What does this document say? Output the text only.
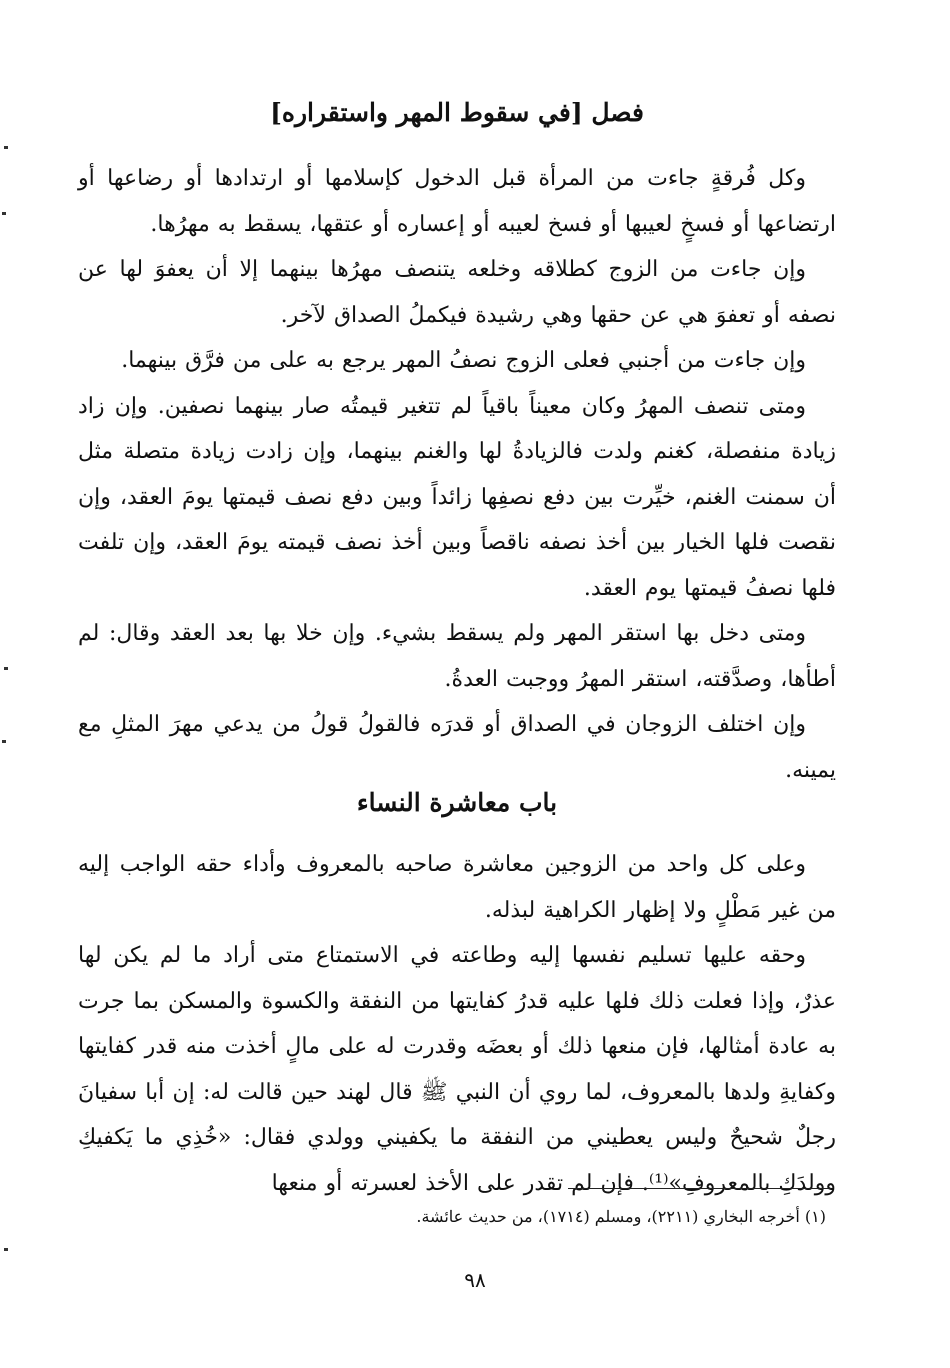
فصل [في سقوط المهر واستقراره]

وكل فُرقةٍ جاءت من المرأة قبل الدخول كإسلامها أو ارتدادها أو رضاعها أو ارتضاعها أو فسخٍ لعيبها أو فسخ لعيبه أو إعساره أو عتقها، يسقط به مهرُها.

وإن جاءت من الزوج كطلاقه وخلعه يتنصف مهرُها بينهما إلا أن يعفوَ لها عن نصفه أو تعفوَ هي عن حقها وهي رشيدة فيكملُ الصداق لآخر.

وإن جاءت من أجنبي فعلى الزوج نصفُ المهر يرجع به على من فرَّق بينهما.

ومتى تنصف المهرُ وكان معيناً باقياً لم تتغير قيمتُه صار بينهما نصفين. وإن زاد زيادة منفصلة، كغنم ولدت فالزيادةُ لها والغنم بينهما، وإن زادت زيادة متصلة مثل أن سمنت الغنم، خيِّرت بين دفع نصفِها زائداً وبين دفع نصف قيمتها يومَ العقد، وإن نقصت فلها الخيار بين أخذ نصفه ناقصاً وبين أخذ نصف قيمته يومَ العقد، وإن تلفت فلها نصفُ قيمتها يوم العقد.

ومتى دخل بها استقر المهر ولم يسقط بشيء. وإن خلا بها بعد العقد وقال: لم أطأها، وصدَّقته، استقر المهرُ ووجبت العدةُ.

وإن اختلف الزوجان في الصداق أو قدرَه فالقولُ قولُ من يدعي مهرَ المثلِ مع يمينه.

باب معاشرة النساء

وعلى كل واحد من الزوجين معاشرة صاحبه بالمعروف وأداء حقه الواجب إليه من غير مَطْلٍ ولا إظهار الكراهية لبذله.

وحقه عليها تسليم نفسها إليه وطاعته في الاستمتاع متى أراد ما لم يكن لها عذرٌ، وإذا فعلت ذلك فلها عليه قدرُ كفايتها من النفقة والكسوة والمسكن بما جرت به عادة أمثالها، فإن منعها ذلك أو بعضَه وقدرت له على مالٍ أخذت منه قدر كفايتها وكفايةِ ولدها بالمعروف، لما روي أن النبي ﷺ قال لهند حين قالت له: إن أبا سفيانَ رجلٌ شحيحٌ وليس يعطيني من النفقة ما يكفيني وولدي فقال: «خُذِي ما يَكفيكِ وولدَكِ بالمعروفِ»⁽¹⁾. فإن لم تقدر على الأخذ لعسرته أو منعها

(١) أخرجه البخاري (٢٢١١)، ومسلم (١٧١٤)، من حديث عائشة.
٩٨
